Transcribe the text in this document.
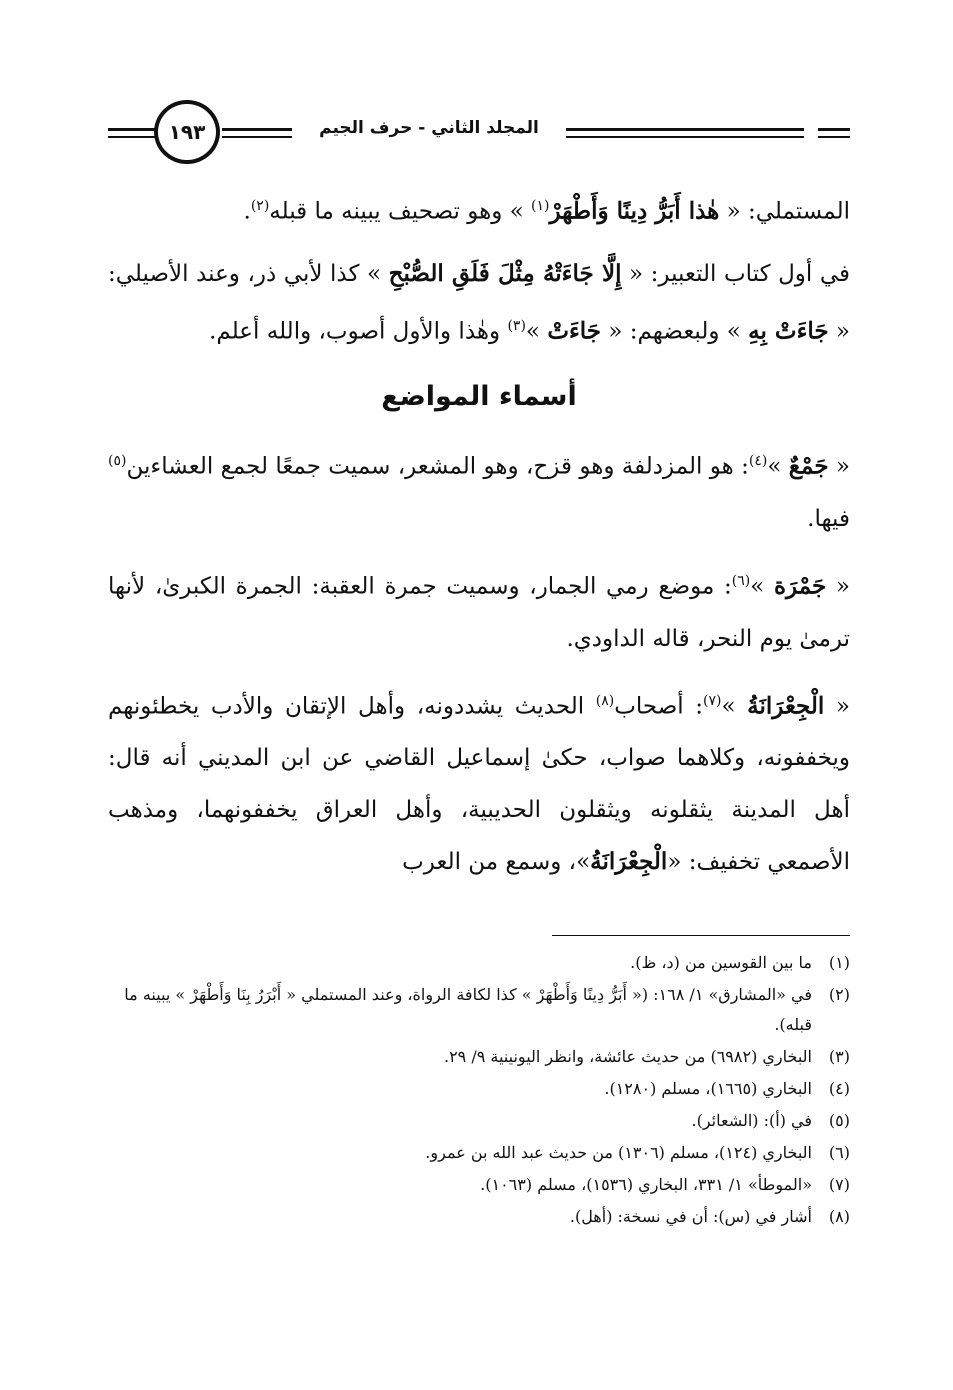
١٩٣	المجلد الثاني - حرف الجيم

المستملي: « هٰذا أَبَرُّ دِينًا وَأَطْهَرْ$^{(١)}$ » وهو تصحيف يبينه ما قبله$^{(٢)}$.

في أول كتاب التعبير: « إِلَّا جَاءَتْهُ مِثْلَ فَلَقِ الصُّبْحِ » كذا لأبي ذر، وعند الأصيلي: « جَاءَتْ بِهِ » ولبعضهم: « جَاءَتْ »$^{(٣)}$ وهٰذا والأول أصوب، والله أعلم.

أسماء المواضع

« جَمْعٌ »$^{(٤)}$: هو المزدلفة وهو قزح، وهو المشعر، سميت جمعًا لجمع العشاءين$^{(٥)}$ فيها.

« جَمْرَة »$^{(٦)}$: موضع رمي الجمار، وسميت جمرة العقبة: الجمرة الكبرىٰ، لأنها ترمىٰ يوم النحر، قاله الداودي.

« الْجِعْرَانَةُ »$^{(٧)}$: أصحاب$^{(٨)}$ الحديث يشددونه، وأهل الإتقان والأدب يخطئونهم ويخففونه، وكلاهما صواب، حكىٰ إسماعيل القاضي عن ابن المديني أنه قال: أهل المدينة يثقلونه ويثقلون الحديبية، وأهل العراق يخففونهما، ومذهب الأصمعي تخفيف: «الْجِعْرَانَةُ»، وسمع من العرب

(١)
ما بين القوسين من (د، ظ).
(٢)
في «المشارق» ١/ ١٦٨: (« أَبَرُّ دِينًا وَأَطْهَرْ » كذا لكافة الرواة، وعند المستملي « أَبْرَرُ بِنَا وَأَطْهَرْ » يبينه ما قبله).
(٣)
البخاري (٦٩٨٢) من حديث عائشة، وانظر اليونينية ٩/ ٢٩.
(٤)
البخاري (١٦٦٥)، مسلم (١٢٨٠).
(٥)
في (أ): (الشعائر).
(٦)
البخاري (١٢٤)، مسلم (١٣٠٦) من حديث عبد الله بن عمرو.
(٧)
«الموطأ» ١/ ٣٣١، البخاري (١٥٣٦)، مسلم (١٠٦٣).
(٨)
أشار في (س): أن في نسخة: (أهل).
